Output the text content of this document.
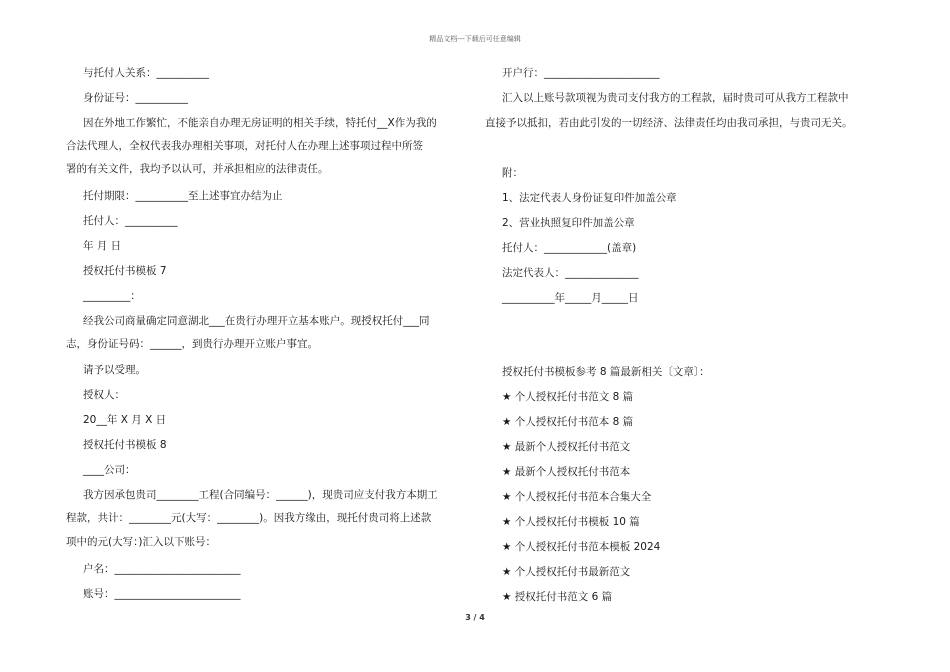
精品文档---下载后可任意编辑
与托付人关系：__________
身份证号：__________
因在外地工作繁忙，不能亲自办理无房证明的相关手续，特托付__X作为我的
合法代理人，全权代表我办理相关事项，对托付人在办理上述事项过程中所签
署的有关文件，我均予以认可，并承担相应的法律责任。
托付期限：__________至上述事宜办结为止
托付人：__________
年 月 日
授权托付书模板 7
_________：
经我公司商量确定同意湖北___在贵行办理开立基本账户。现授权托付___同
志，身份证号码：______，到贵行办理开立账户事宜。
请予以受理。
授权人：
20__年 X 月 X 日
授权托付书模板 8
____公司：
我方因承包贵司________工程(合同编号：______)，现贵司应支付我方本期工
程款，共计：________元(大写：________)。因我方缘由，现托付贵司将上述款
项中的元(大写：)汇入以下账号：
户名：________________________
账号：________________________
开户行：______________________
汇入以上账号款项视为贵司支付我方的工程款，届时贵司可从我方工程款中
直接予以抵扣，若由此引发的一切经济、法律责任均由我司承担，与贵司无关。
附：
1、法定代表人身份证复印件加盖公章
2、营业执照复印件加盖公章
托付人：____________(盖章)
法定代表人：______________
__________年_____月_____日
授权托付书模板参考 8 篇最新相关〔文章〕：
★ 个人授权托付书范文 8 篇
★ 个人授权托付书范本 8 篇
★ 最新个人授权托付书范文
★ 最新个人授权托付书范本
★ 个人授权托付书范本合集大全
★ 个人授权托付书模板 10 篇
★ 个人授权托付书范本模板 2024
★ 个人授权托付书最新范文
★ 授权托付书范文 6 篇
3 / 4
